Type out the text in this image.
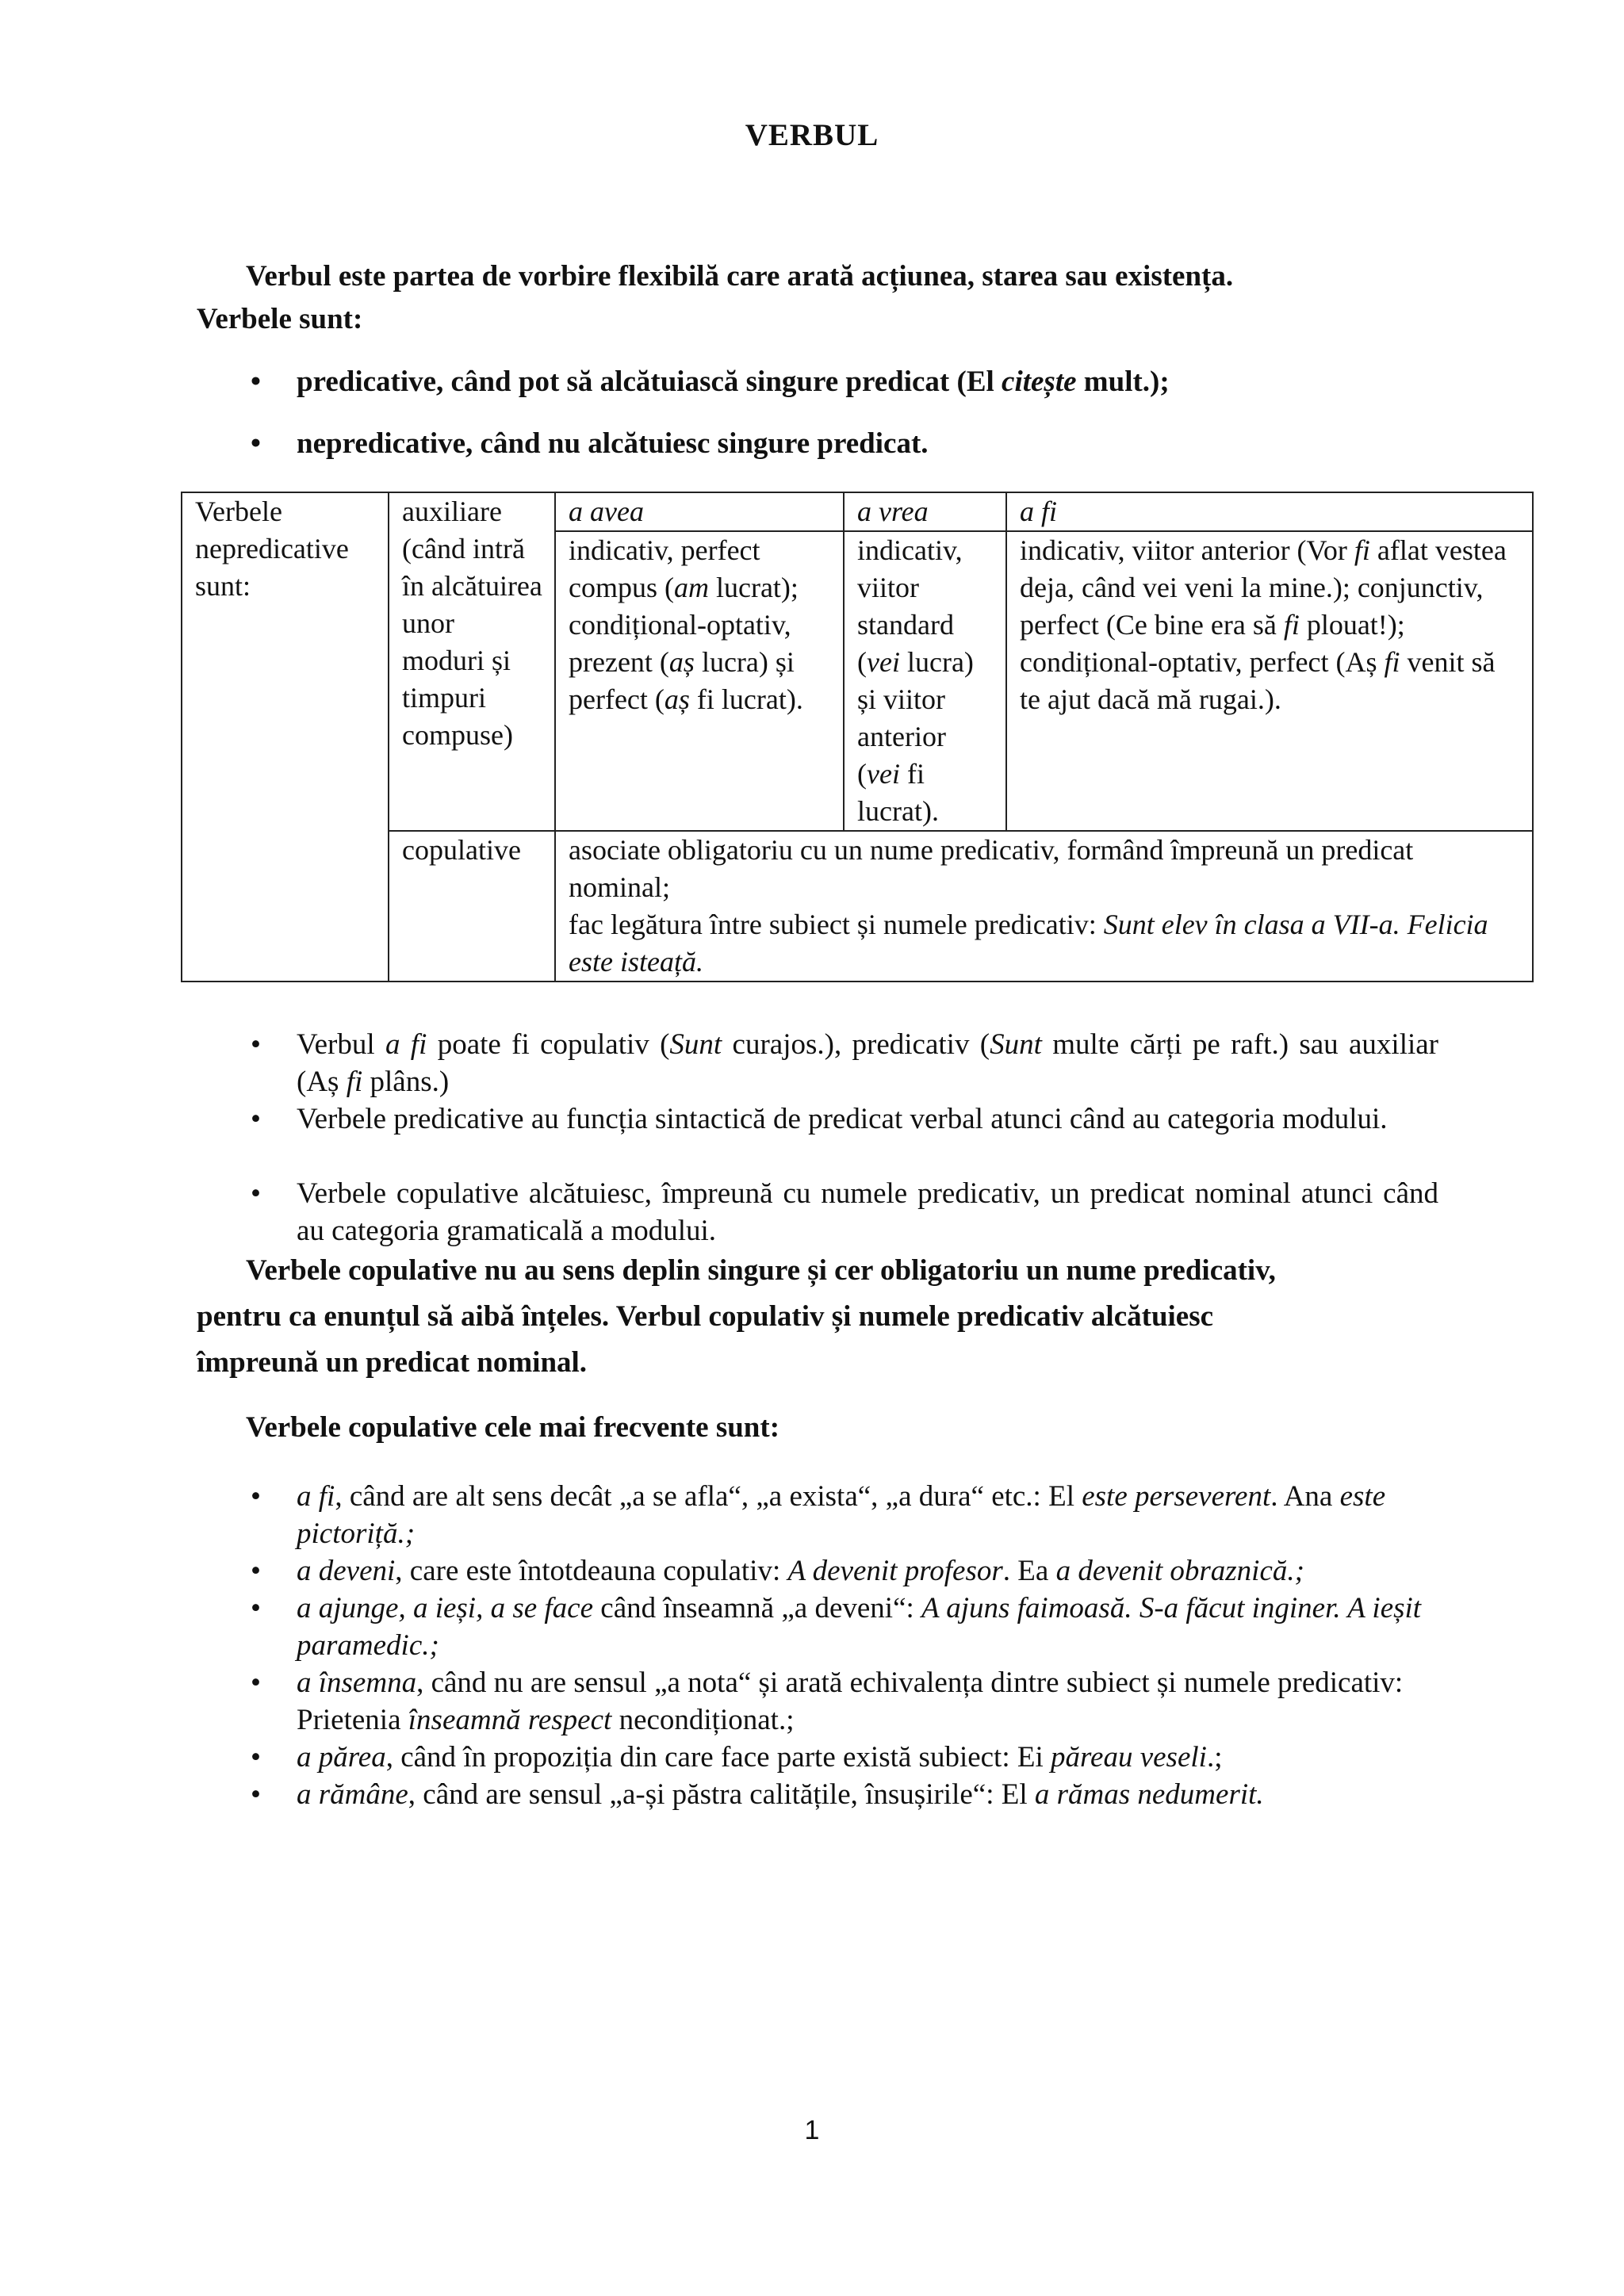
VERBUL
Verbul este partea de vorbire flexibilă care arată acțiunea, starea sau existența.
Verbele sunt:
• predicative, când pot să alcătuiască singure predicat (El citește mult.);
• nepredicative, când nu alcătuiesc singure predicat.
Verbele nepredicative sunt:	auxiliare (când intră în alcătuirea unor moduri și timpuri compuse)	a avea	a vrea	a fi
		indicativ, perfect compus (am lucrat); condițional-optativ, prezent (aș lucra) și perfect (aș fi lucrat).	indicativ, viitor standard (vei lucra) și viitor anterior (vei fi lucrat).	indicativ, viitor anterior (Vor fi aflat vestea deja, când vei veni la mine.); conjunctiv, perfect (Ce bine era să fi plouat!); condițional-optativ, perfect (Aș fi venit să te ajut dacă mă rugai.).
	copulative	asociate obligatoriu cu un nume predicativ, formând împreună un predicat nominal;
fac legătura între subiect și numele predicativ: Sunt elev în clasa a VII-a. Felicia este isteață.		
• Verbul a fi poate fi copulativ (Sunt curajos.), predicativ (Sunt multe cărți pe raft.) sau auxiliar (Aș fi plâns.)
• Verbele predicative au funcția sintactică de predicat verbal atunci când au categoria modului.
• Verbele copulative alcătuiesc, împreună cu numele predicativ, un predicat nominal atunci când au categoria gramaticală a modului.
Verbele copulative nu au sens deplin singure și cer obligatoriu un nume predicativ,
pentru ca enunțul să aibă înțeles. Verbul copulativ și numele predicativ alcătuiesc
împreună un predicat nominal.
Verbele copulative cele mai frecvente sunt:
• a fi, când are alt sens decât „a se afla“, „a exista“, „a dura“ etc.: El este perseverent. Ana este pictoriță.;
• a deveni, care este întotdeauna copulativ: A devenit profesor. Ea a devenit obraznică.;
• a ajunge, a ieși, a se face când înseamnă „a deveni“: A ajuns faimoasă. S-a făcut inginer. A ieșit paramedic.;
• a însemna, când nu are sensul „a nota“ și arată echivalența dintre subiect și numele predicativ: Prietenia înseamnă respect necondiționat.;
• a părea, când în propoziția din care face parte există subiect: Ei păreau veseli.;
• a rămâne, când are sensul „a-și păstra calitățile, însușirile“: El a rămas nedumerit.
1
